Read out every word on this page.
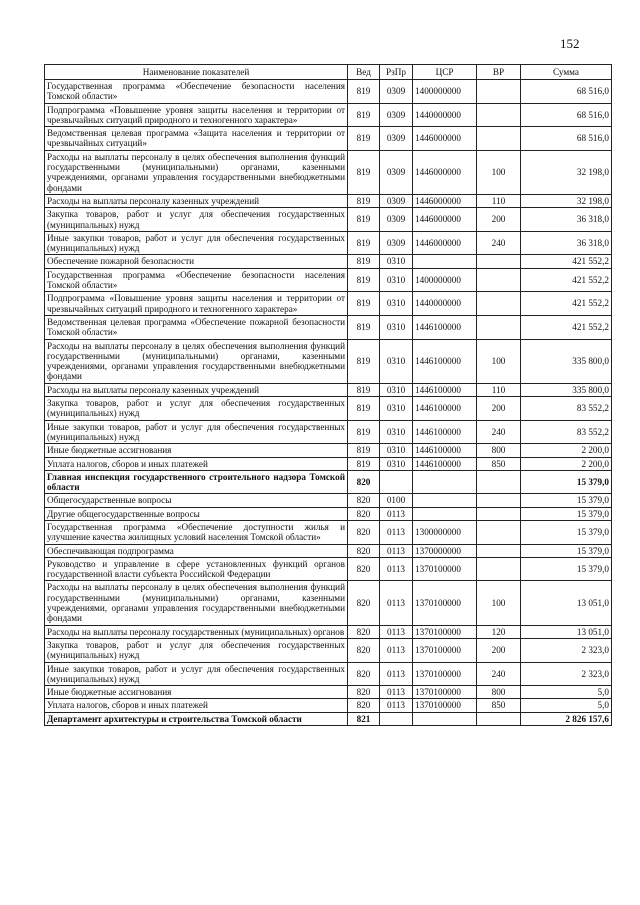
152
Наименование показателей	Вед	РзПр	ЦСР	ВР	Сумма
Государственная программа «Обеспечение безопасности населения Томской области»	819	0309	1400000000		68 516,0
Подпрограмма «Повышение уровня защиты населения и территории от чрезвычайных ситуаций природного и техногенного характера»	819	0309	1440000000		68 516,0
Ведомственная целевая программа «Защита населения и территории от чрезвычайных ситуаций»	819	0309	1446000000		68 516,0
Расходы на выплаты персоналу в целях обеспечения выполнения функций государственными (муниципальными) органами, казенными учреждениями, органами управления государственными внебюджетными фондами	819	0309	1446000000	100	32 198,0
Расходы на выплаты персоналу казенных учреждений	819	0309	1446000000	110	32 198,0
Закупка товаров, работ и услуг для обеспечения государственных (муниципальных) нужд	819	0309	1446000000	200	36 318,0
Иные закупки товаров, работ и услуг для обеспечения государственных (муниципальных) нужд	819	0309	1446000000	240	36 318,0
Обеспечение пожарной безопасности	819	0310			421 552,2
Государственная программа «Обеспечение безопасности населения Томской области»	819	0310	1400000000		421 552,2
Подпрограмма «Повышение уровня защиты населения и территории от чрезвычайных ситуаций природного и техногенного характера»	819	0310	1440000000		421 552,2
Ведомственная целевая программа «Обеспечение пожарной безопасности Томской области»	819	0310	1446100000		421 552,2
Расходы на выплаты персоналу в целях обеспечения выполнения функций государственными (муниципальными) органами, казенными учреждениями, органами управления государственными внебюджетными фондами	819	0310	1446100000	100	335 800,0
Расходы на выплаты персоналу казенных учреждений	819	0310	1446100000	110	335 800,0
Закупка товаров, работ и услуг для обеспечения государственных (муниципальных) нужд	819	0310	1446100000	200	83 552,2
Иные закупки товаров, работ и услуг для обеспечения государственных (муниципальных) нужд	819	0310	1446100000	240	83 552,2
Иные бюджетные ассигнования	819	0310	1446100000	800	2 200,0
Уплата налогов, сборов и иных платежей	819	0310	1446100000	850	2 200,0
Главная инспекция государственного строительного надзора Томской области	820				15 379,0
Общегосударственные вопросы	820	0100			15 379,0
Другие общегосударственные вопросы	820	0113			15 379,0
Государственная программа «Обеспечение доступности жилья и улучшение качества жилищных условий населения Томской области»	820	0113	1300000000		15 379,0
Обеспечивающая подпрограмма	820	0113	1370000000		15 379,0
Руководство и управление в сфере установленных функций органов государственной власти субъекта Российской Федерации	820	0113	1370100000		15 379,0
Расходы на выплаты персоналу в целях обеспечения выполнения функций государственными (муниципальными) органами, казенными учреждениями, органами управления государственными внебюджетными фондами	820	0113	1370100000	100	13 051,0
Расходы на выплаты персоналу государственных (муниципальных) органов	820	0113	1370100000	120	13 051,0
Закупка товаров, работ и услуг для обеспечения государственных (муниципальных) нужд	820	0113	1370100000	200	2 323,0
Иные закупки товаров, работ и услуг для обеспечения государственных (муниципальных) нужд	820	0113	1370100000	240	2 323,0
Иные бюджетные ассигнования	820	0113	1370100000	800	5,0
Уплата налогов, сборов и иных платежей	820	0113	1370100000	850	5,0
Департамент архитектуры и строительства Томской области	821				2 826 157,6
